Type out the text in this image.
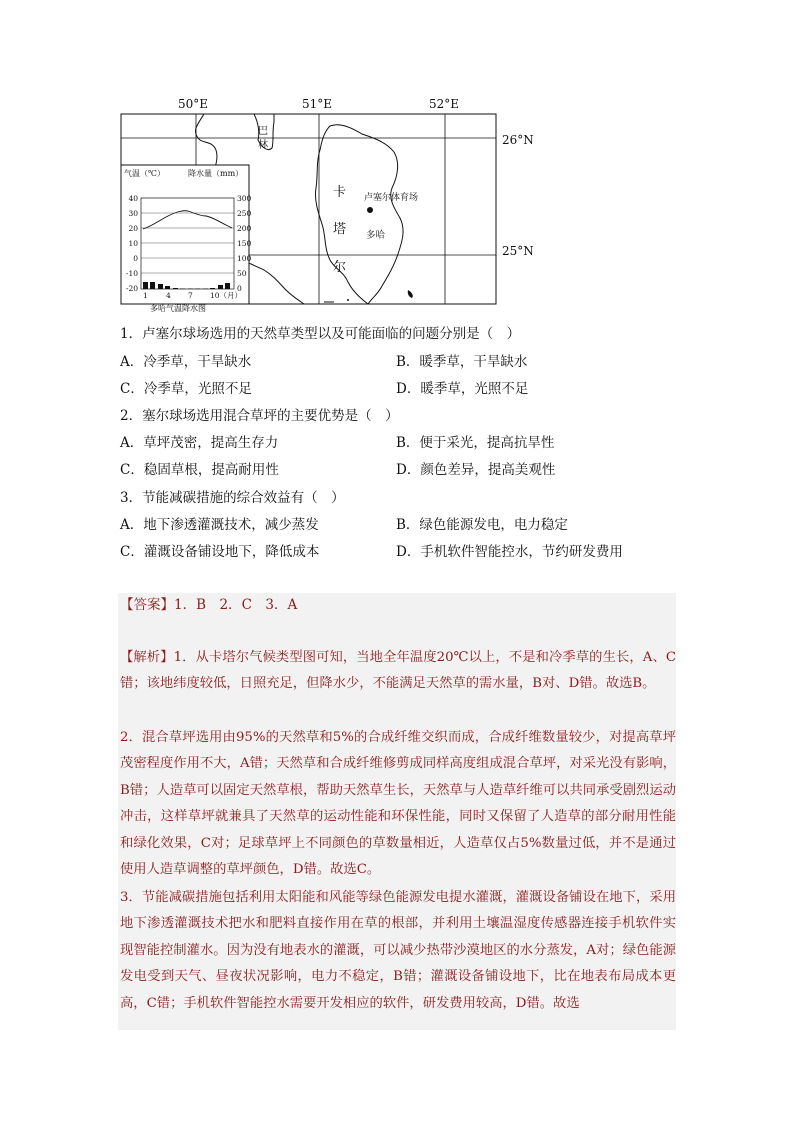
50°E	51°E	52°E
26°N
25°N
巴
林
卡
塔
尔
卢塞尔体育场
多哈
气温（℃）	降水量（mm）
40
30
20
10
0
-10
-20
300
250
200
150
100
50
0
1 4 7 10（月）
多哈气温降水图
1．卢塞尔球场选用的天然草类型以及可能面临的问题分别是（　）
A．冷季草，干旱缺水	B．暖季草，干旱缺水
C．冷季草，光照不足	D．暖季草，光照不足
2．塞尔球场选用混合草坪的主要优势是（　）
A．草坪茂密，提高生存力	B．便于采光，提高抗旱性
C．稳固草根，提高耐用性	D．颜色差异，提高美观性
3．节能减碳措施的综合效益有（　）
A．地下渗透灌溉技术，减少蒸发	B．绿色能源发电，电力稳定
C．灌溉设备铺设地下，降低成本	D．手机软件智能控水，节约研发费用
【答案】1．B　2．C　3．A
【解析】1．从卡塔尔气候类型图可知，当地全年温度20℃以上，不是和冷季草的生长，A、C错；该地纬度较低，日照充足，但降水少，不能满足天然草的需水量，B对、D错。故选B。
2．混合草坪选用由95%的天然草和5%的合成纤维交织而成，合成纤维数量较少，对提高草坪茂密程度作用不大，A错；天然草和合成纤维修剪成同样高度组成混合草坪，对采光没有影响，B错；人造草可以固定天然草根，帮助天然草生长，天然草与人造草纤维可以共同承受剧烈运动冲击，这样草坪就兼具了天然草的运动性能和环保性能，同时又保留了人造草的部分耐用性能和绿化效果，C对；足球草坪上不同颜色的草数量相近，人造草仅占5%数量过低，并不是通过使用人造草调整的草坪颜色，D错。故选C。
3．节能减碳措施包括利用太阳能和风能等绿色能源发电提水灌溉，灌溉设备铺设在地下，采用地下渗透灌溉技术把水和肥料直接作用在草的根部，并利用土壤温湿度传感器连接手机软件实现智能控制灌水。因为没有地表水的灌溉，可以减少热带沙漠地区的水分蒸发，A对；绿色能源发电受到天气、昼夜状况影响，电力不稳定，B错；灌溉设备铺设地下，比在地表布局成本更高，C错；手机软件智能控水需要开发相应的软件，研发费用较高，D错。故选
